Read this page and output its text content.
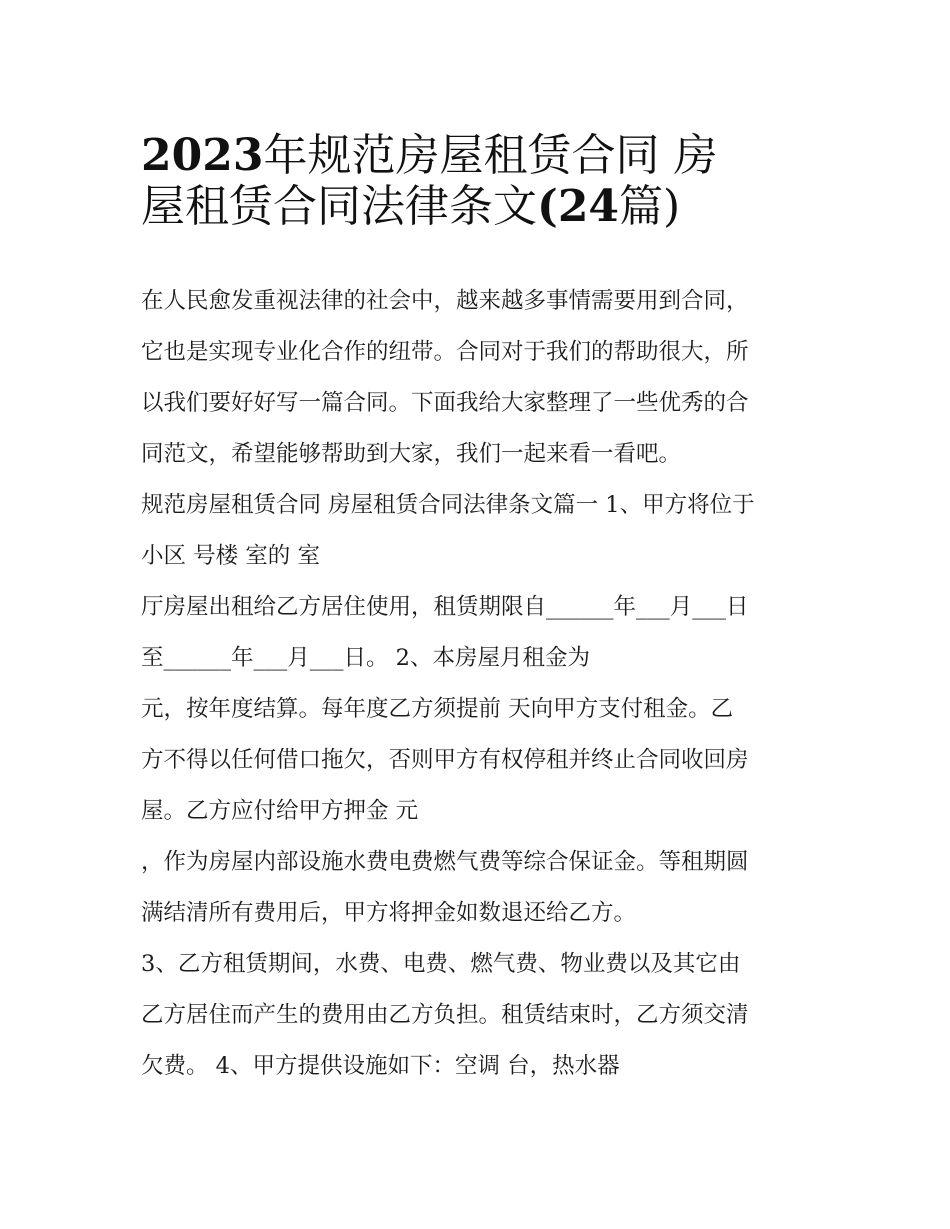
2023年规范房屋租赁合同 房
屋租赁合同法律条文(24篇)
在人民愈发重视法律的社会中，越来越多事情需要用到合同，
它也是实现专业化合作的纽带。合同对于我们的帮助很大，所
以我们要好好写一篇合同。下面我给大家整理了一些优秀的合
同范文，希望能够帮助到大家，我们一起来看一看吧。
规范房屋租赁合同 房屋租赁合同法律条文篇一 1、甲方将位于
小区 号楼 室的 室
厅房屋出租给乙方居住使用，租赁期限自______年___月___日
至______年___月___日。 2、本房屋月租金为
元，按年度结算。每年度乙方须提前 天向甲方支付租金。乙
方不得以任何借口拖欠，否则甲方有权停租并终止合同收回房
屋。乙方应付给甲方押金 元
，作为房屋内部设施水费电费燃气费等综合保证金。等租期圆
满结清所有费用后，甲方将押金如数退还给乙方。
3、乙方租赁期间，水费、电费、燃气费、物业费以及其它由
乙方居住而产生的费用由乙方负担。租赁结束时，乙方须交清
欠费。 4、甲方提供设施如下：空调 台，热水器
